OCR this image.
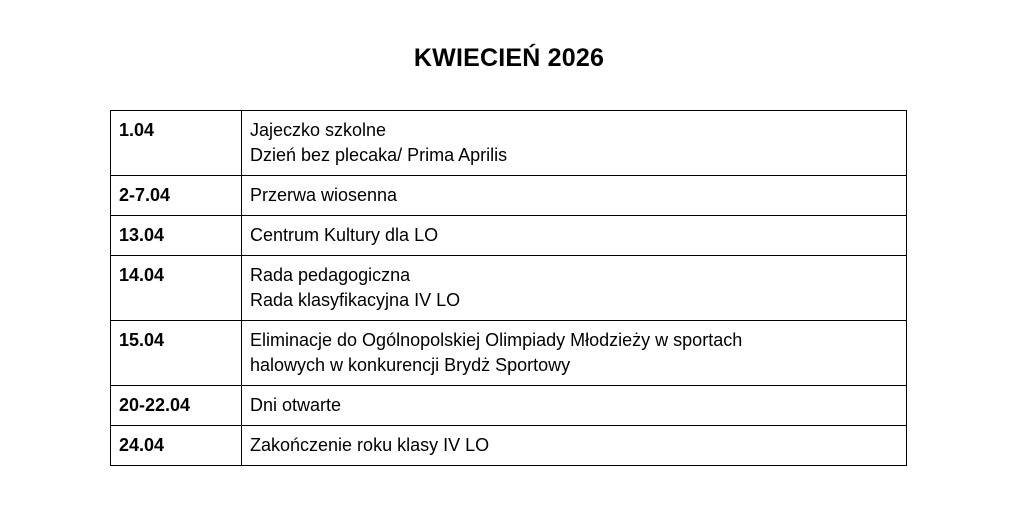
KWIECIEŃ 2026
1.04	Jajeczko szkolne
Dzień bez plecaka/ Prima Aprilis

2-7.04	Przerwa wiosenna

13.04	Centrum Kultury dla LO

14.04	Rada pedagogiczna
Rada klasyfikacyjna IV LO

15.04	Eliminacje do Ogólnopolskiej Olimpiady Młodzieży w sportach
halowych w konkurencji Brydż Sportowy

20-22.04	Dni otwarte

24.04	Zakończenie roku klasy IV LO
